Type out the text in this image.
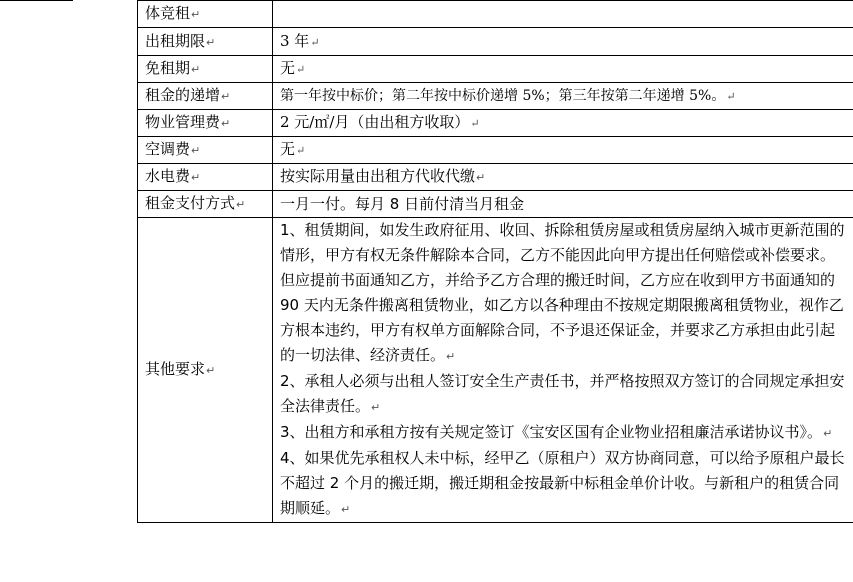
体竞租↵	
出租期限↵	3 年↵
免租期↵	无↵
租金的递增↵	第一年按中标价；第二年按中标价递增 5%；第三年按第二年递增 5%。↵
物业管理费↵	2 元/㎡/月（由出租方收取）↵
空调费↵	无↵
水电费↵	按实际用量由出租方代收代缴↵
租金支付方式↵	一月一付。每月 8 日前付清当月租金
其他要求↵	1、租赁期间，如发生政府征用、收回、拆除租赁房屋或租赁房屋纳入城市更新范围的情形，甲方有权无条件解除本合同，乙方不能因此向甲方提出任何赔偿或补偿要求。但应提前书面通知乙方，并给予乙方合理的搬迁时间，乙方应在收到甲方书面通知的 90 天内无条件搬离租赁物业，如乙方以各种理由不按规定期限搬离租赁物业，视作乙方根本违约，甲方有权单方面解除合同，不予退还保证金，并要求乙方承担由此引起的一切法律、经济责任。↵
2、承租人必须与出租人签订安全生产责任书，并严格按照双方签订的合同规定承担安全法律责任。↵
3、出租方和承租方按有关规定签订《宝安区国有企业物业招租廉洁承诺协议书》。↵
4、如果优先承租权人未中标，经甲乙（原租户）双方协商同意，可以给予原租户最长不超过 2 个月的搬迁期，搬迁期租金按最新中标租金单价计收。与新租户的租赁合同期顺延。↵
